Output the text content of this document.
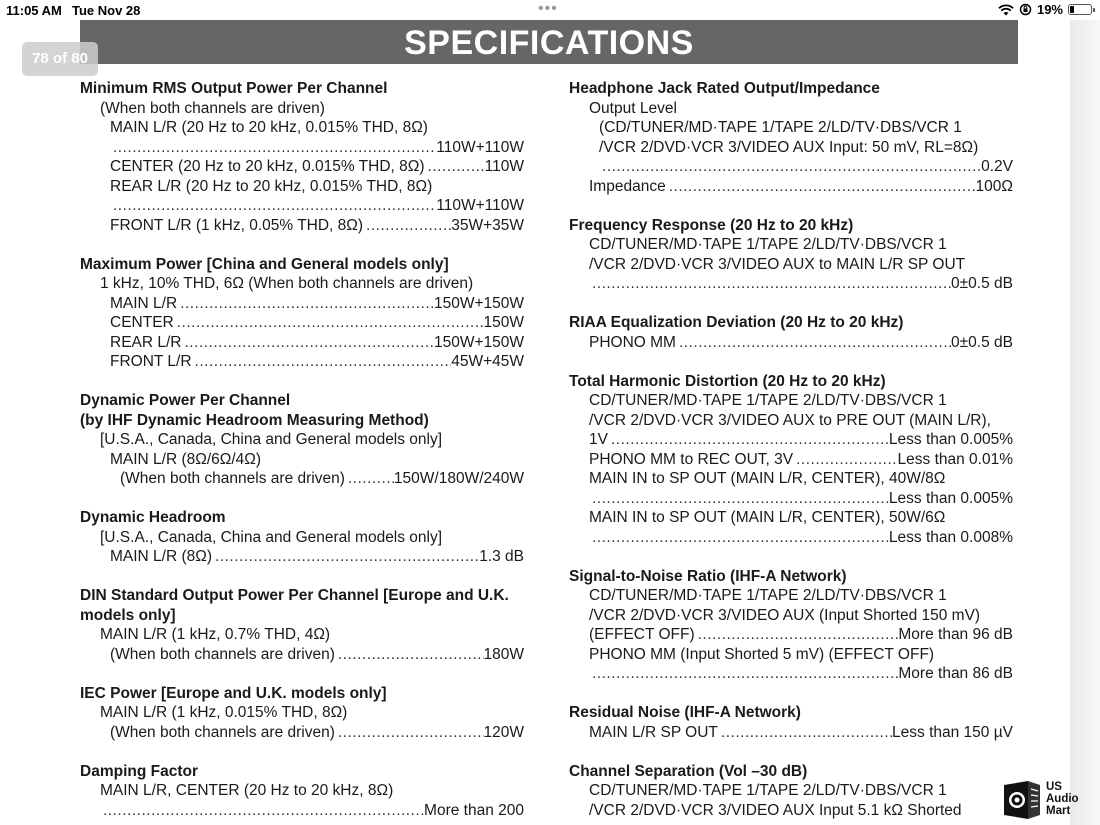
11:05 AM Tue Nov 28	•••	19%
SPECIFICATIONS
78 of 80
Minimum RMS Output Power Per Channel
(When both channels are driven)
MAIN L/R (20 Hz to 20 kHz, 0.015% THD, 8Ω)
.....
110W+110W
CENTER (20 Hz to 20 kHz, 0.015% THD, 8Ω) .....	110W
REAR L/R (20 Hz to 20 kHz, 0.015% THD, 8Ω)
.....
110W+110W
FRONT L/R (1 kHz, 0.05% THD, 8Ω) .....	35W+35W
Maximum Power [China and General models only]
1 kHz, 10% THD, 6Ω (When both channels are driven)
MAIN L/R .....	150W+150W
CENTER .....	150W
REAR L/R .....	150W+150W
FRONT L/R .....	45W+45W
Dynamic Power Per Channel
(by IHF Dynamic Headroom Measuring Method)
[U.S.A., Canada, China and General models only]
MAIN L/R (8Ω/6Ω/4Ω)
(When both channels are driven) .....	150W/180W/240W
Dynamic Headroom
[U.S.A., Canada, China and General models only]
MAIN L/R (8Ω) .....	1.3 dB
DIN Standard Output Power Per Channel [Europe and U.K.
models only]
MAIN L/R (1 kHz, 0.7% THD, 4Ω)
(When both channels are driven) .....	180W
IEC Power [Europe and U.K. models only]
MAIN L/R (1 kHz, 0.015% THD, 8Ω)
(When both channels are driven) .....	120W
Damping Factor
MAIN L/R, CENTER (20 Hz to 20 kHz, 8Ω)
.....
More than 200
Headphone Jack Rated Output/Impedance
Output Level
(CD/TUNER/MD·TAPE 1/TAPE 2/LD/TV·DBS/VCR 1
/VCR 2/DVD·VCR 3/VIDEO AUX Input: 50 mV, RL=8Ω)
.....
0.2V
Impedance .....	100Ω
Frequency Response (20 Hz to 20 kHz)
CD/TUNER/MD·TAPE 1/TAPE 2/LD/TV·DBS/VCR 1
/VCR 2/DVD·VCR 3/VIDEO AUX to MAIN L/R SP OUT
.....
0±0.5 dB
RIAA Equalization Deviation (20 Hz to 20 kHz)
PHONO MM .....	0±0.5 dB
Total Harmonic Distortion (20 Hz to 20 kHz)
CD/TUNER/MD·TAPE 1/TAPE 2/LD/TV·DBS/VCR 1
/VCR 2/DVD·VCR 3/VIDEO AUX to PRE OUT (MAIN L/R),
1V .....	Less than 0.005%
PHONO MM to REC OUT, 3V .....	Less than 0.01%
MAIN IN to SP OUT (MAIN L/R, CENTER), 40W/8Ω
.....
Less than 0.005%
MAIN IN to SP OUT (MAIN L/R, CENTER), 50W/6Ω
.....
Less than 0.008%
Signal-to-Noise Ratio (IHF-A Network)
CD/TUNER/MD·TAPE 1/TAPE 2/LD/TV·DBS/VCR 1
/VCR 2/DVD·VCR 3/VIDEO AUX (Input Shorted 150 mV)
(EFFECT OFF) .....	More than 96 dB
PHONO MM (Input Shorted 5 mV) (EFFECT OFF)
.....
More than 86 dB
Residual Noise (IHF-A Network)
MAIN L/R SP OUT .....	Less than 150 µV
Channel Separation (Vol –30 dB)
CD/TUNER/MD·TAPE 1/TAPE 2/LD/TV·DBS/VCR 1
/VCR 2/DVD·VCR 3/VIDEO AUX Input 5.1 kΩ Shorted
US
Audio
Mart
